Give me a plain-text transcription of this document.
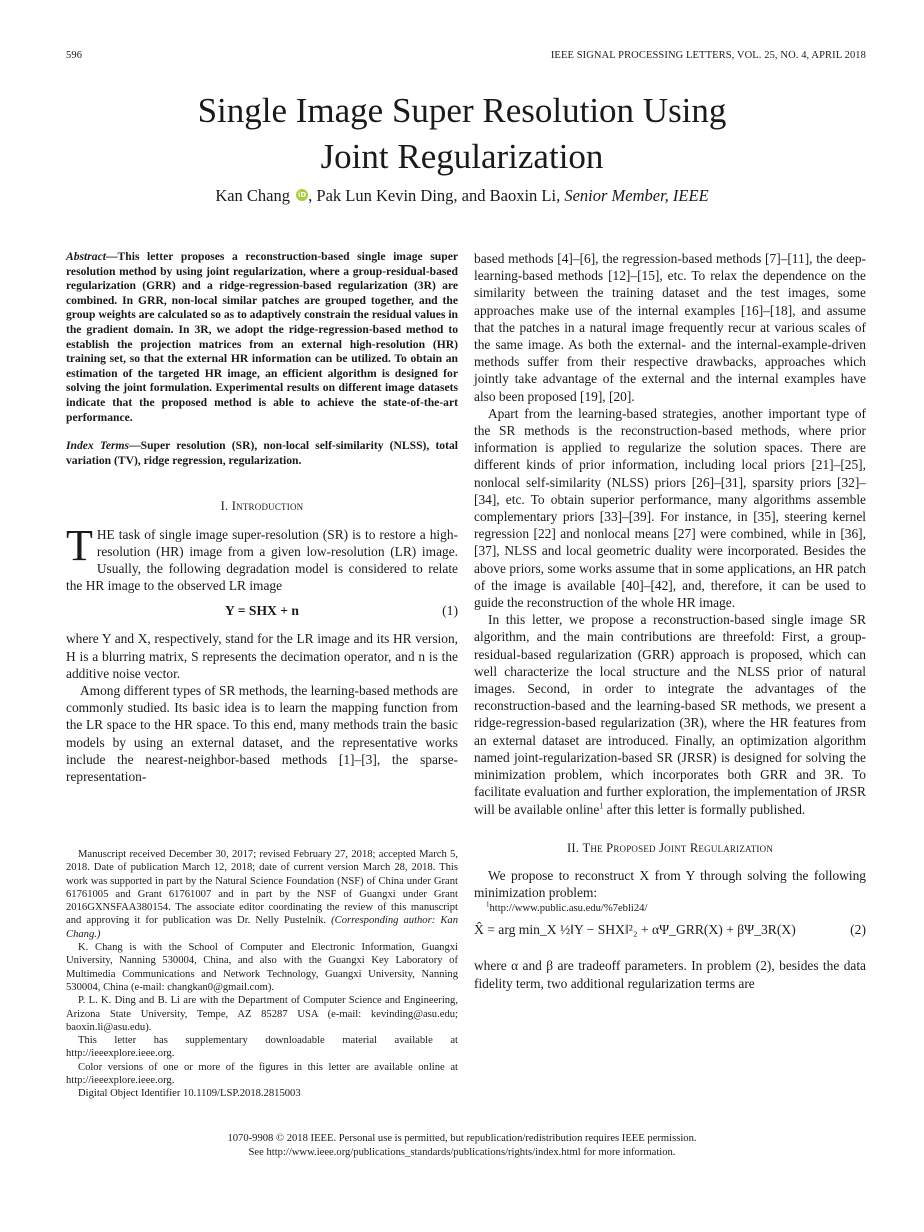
596	IEEE SIGNAL PROCESSING LETTERS, VOL. 25, NO. 4, APRIL 2018
Single Image Super Resolution Using
Joint Regularization
Kan Chang iD , Pak Lun Kevin Ding, and Baoxin Li, Senior Member, IEEE

Abstract—This letter proposes a reconstruction-based single image super resolution method by using joint regularization, where a group-residual-based regularization (GRR) and a ridge-regression-based regularization (3R) are combined. In GRR, non-local similar patches are grouped together, and the group weights are calculated so as to adaptively constrain the residual values in the gradient domain. In 3R, we adopt the ridge-regression-based method to establish the projection matrices from an external high-resolution (HR) training set, so that the external HR information can be utilized. To obtain an estimation of the targeted HR image, an efficient algorithm is designed for solving the joint formulation. Experimental results on different image datasets indicate that the proposed method is able to achieve the state-of-the-art performance.

Index Terms—Super resolution (SR), non-local self-similarity (NLSS), total variation (TV), ridge regression, regularization.

I. Introduction

THE task of single image super-resolution (SR) is to restore a high-resolution (HR) image from a given low-resolution (LR) image. Usually, the following degradation model is considered to relate the HR image to the observed LR image

Y = SHX + n	(1)

where Y and X, respectively, stand for the LR image and its HR version, H is a blurring matrix, S represents the decimation operator, and n is the additive noise vector.

Among different types of SR methods, the learning-based methods are commonly studied. Its basic idea is to learn the mapping function from the LR space to the HR space. To this end, many methods train the basic models by using an external dataset, and the representative works include the nearest-neighbor-based methods [1]–[3], the sparse-representation-

Manuscript received December 30, 2017; revised February 27, 2018; accepted March 5, 2018. Date of publication March 12, 2018; date of current version March 28, 2018. This work was supported in part by the Natural Science Foundation (NSF) of China under Grant 61761005 and Grant 61761007 and in part by the NSF of Guangxi under Grant 2016GXNSFAA380154. The associate editor coordinating the review of this manuscript and approving it for publication was Dr. Nelly Pustelnik. (Corresponding author: Kan Chang.)

K. Chang is with the School of Computer and Electronic Information, Guangxi University, Nanning 530004, China, and also with the Guangxi Key Laboratory of Multimedia Communications and Network Technology, Guangxi University, Nanning 530004, China (e-mail: changkan0@gmail.com).

P. L. K. Ding and B. Li are with the Department of Computer Science and Engineering, Arizona State University, Tempe, AZ 85287 USA (e-mail: kevinding@asu.edu; baoxin.li@asu.edu).

This letter has supplementary downloadable material available at http://ieeexplore.ieee.org.

Color versions of one or more of the figures in this letter are available online at http://ieeexplore.ieee.org.

Digital Object Identifier 10.1109/LSP.2018.2815003

based methods [4]–[6], the regression-based methods [7]–[11], the deep-learning-based methods [12]–[15], etc. To relax the dependence on the similarity between the training dataset and the test images, some approaches make use of the internal examples [16]–[18], and assume that the patches in a natural image frequently recur at various scales of the same image. As both the external- and the internal-example-driven methods suffer from their respective drawbacks, approaches which jointly take advantage of the external and the internal examples have also been proposed [19], [20].

Apart from the learning-based strategies, another important type of the SR methods is the reconstruction-based methods, where prior information is applied to regularize the solution spaces. There are different kinds of prior information, including local priors [21]–[25], nonlocal self-similarity (NLSS) priors [26]–[31], sparsity priors [32]–[34], etc. To obtain superior performance, many algorithms assemble complementary priors [33]–[39]. For instance, in [35], steering kernel regression [22] and nonlocal means [27] were combined, while in [36], [37], NLSS and local geometric duality were incorporated. Besides the above priors, some works assume that in some applications, an HR patch of the image is available [40]–[42], and, therefore, it can be used to guide the reconstruction of the whole HR image.

In this letter, we propose a reconstruction-based single image SR algorithm, and the main contributions are threefold: First, a group-residual-based regularization (GRR) approach is proposed, which can well characterize the local structure and the NLSS prior of natural images. Second, in order to integrate the advantages of the reconstruction-based and the learning-based SR methods, we present a ridge-regression-based regularization (3R), where the HR features from an external dataset are introduced. Finally, an optimization algorithm named joint-regularization-based SR (JRSR) is designed for solving the minimization problem, which incorporates both GRR and 3R. To facilitate evaluation and further exploration, the implementation of JRSR will be available online$^1$ after this letter is formally published.

II. The Proposed Joint Regularization

We propose to reconstruct X from Y through solving the following minimization problem:

X̂ = arg min_X ½‖Y − SHX‖²₂ + αΨ_GRR(X) + βΨ_3R(X)	(2)

where α and β are tradeoff parameters. In problem (2), besides the data fidelity term, two additional regularization terms are

$^1$http://www.public.asu.edu/%7ebli24/
1070-9908 © 2018 IEEE. Personal use is permitted, but republication/redistribution requires IEEE permission.
See http://www.ieee.org/publications_standards/publications/rights/index.html for more information.
